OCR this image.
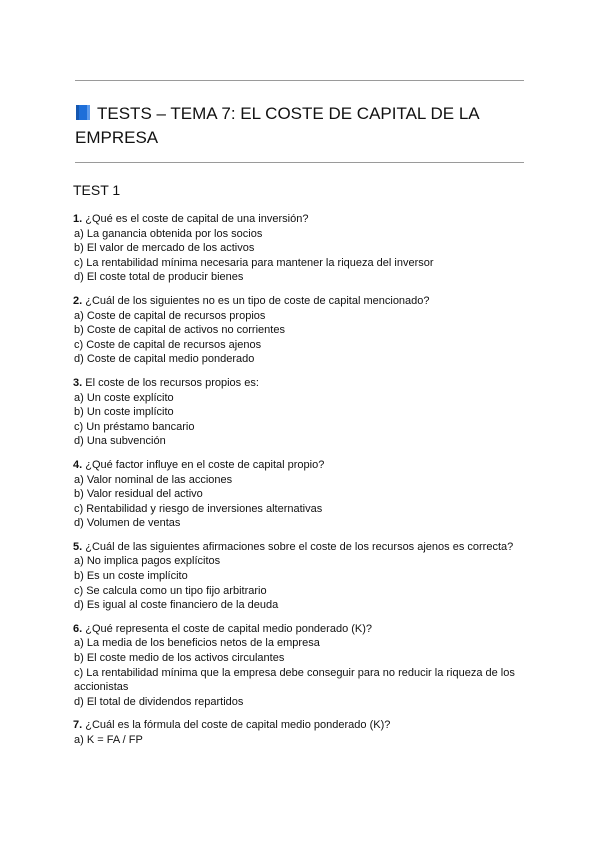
TESTS – TEMA 7: EL COSTE DE CAPITAL DE LA EMPRESA
TEST 1
1. ¿Qué es el coste de capital de una inversión?
a) La ganancia obtenida por los socios
b) El valor de mercado de los activos
c) La rentabilidad mínima necesaria para mantener la riqueza del inversor
d) El coste total de producir bienes
2. ¿Cuál de los siguientes no es un tipo de coste de capital mencionado?
a) Coste de capital de recursos propios
b) Coste de capital de activos no corrientes
c) Coste de capital de recursos ajenos
d) Coste de capital medio ponderado
3. El coste de los recursos propios es:
a) Un coste explícito
b) Un coste implícito
c) Un préstamo bancario
d) Una subvención
4. ¿Qué factor influye en el coste de capital propio?
a) Valor nominal de las acciones
b) Valor residual del activo
c) Rentabilidad y riesgo de inversiones alternativas
d) Volumen de ventas
5. ¿Cuál de las siguientes afirmaciones sobre el coste de los recursos ajenos es correcta?
a) No implica pagos explícitos
b) Es un coste implícito
c) Se calcula como un tipo fijo arbitrario
d) Es igual al coste financiero de la deuda
6. ¿Qué representa el coste de capital medio ponderado (K)?
a) La media de los beneficios netos de la empresa
b) El coste medio de los activos circulantes
c) La rentabilidad mínima que la empresa debe conseguir para no reducir la riqueza de los accionistas
d) El total de dividendos repartidos
7. ¿Cuál es la fórmula del coste de capital medio ponderado (K)?
a) K = FA / FP
